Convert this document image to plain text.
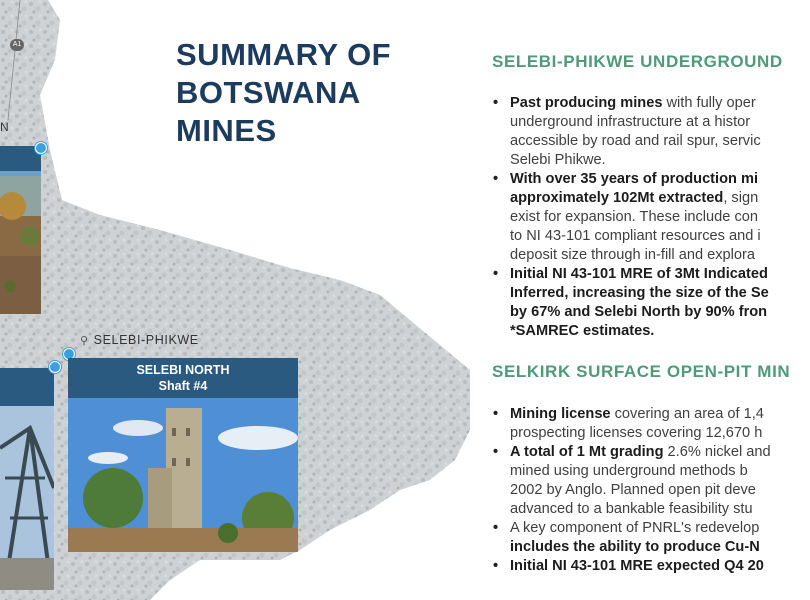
A1
N
⚲ SELEBI-PHIKWE
SELEBI NORTH
Shaft #4
SUMMARY OF
BOTSWANA
MINES
SELEBI-PHIKWE UNDERGROUND
• Past producing mines with fully oper
underground infrastructure at a histor
accessible by road and rail spur, servic
Selebi Phikwe.
• With over 35 years of production mi
approximately 102Mt extracted, sign
exist for expansion. These include con
to NI 43-101 compliant resources and i
deposit size through in-fill and explora
• Initial NI 43-101 MRE of 3Mt Indicated
Inferred, increasing the size of the Se
by 67% and Selebi North by 90% fron
*SAMREC estimates.
SELKIRK SURFACE OPEN-PIT MIN
• Mining license covering an area of 1,4
prospecting licenses covering 12,670 h
• A total of 1 Mt grading 2.6% nickel and
mined using underground methods b
2002 by Anglo. Planned open pit deve
advanced to a bankable feasibility stu
• A key component of PNRL's redevelop
includes the ability to produce Cu-N
• Initial NI 43-101 MRE expected Q4 20
